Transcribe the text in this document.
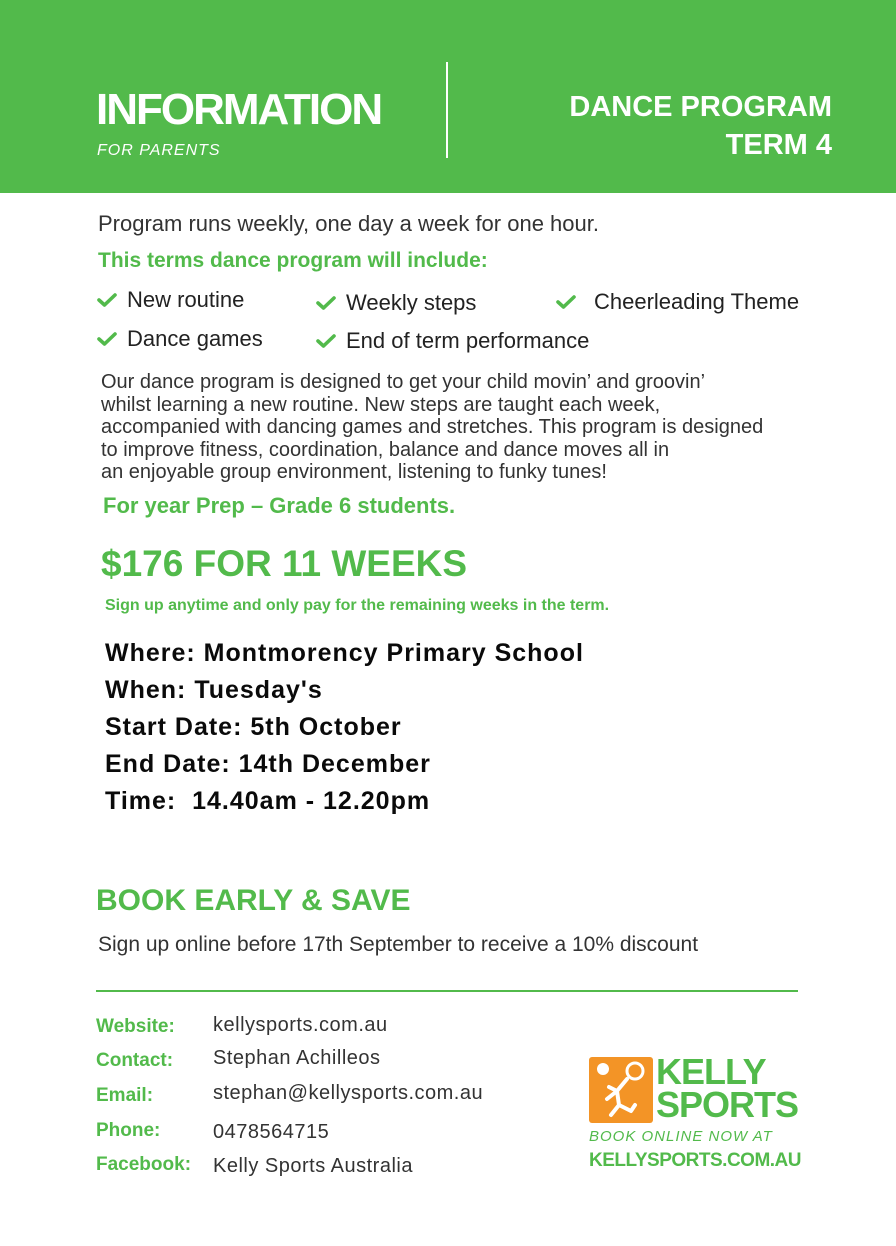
INFORMATION
FOR PARENTS
DANCE PROGRAM
TERM 4
Program runs weekly, one day a week for one hour.
This terms dance program will include:
New routine	Weekly steps	Cheerleading Theme
Dance games	End of term performance
Our dance program is designed to get your child movin’ and groovin’
whilst learning a new routine. New steps are taught each week,
accompanied with dancing games and stretches. This program is designed
to improve fitness, coordination, balance and dance moves all in
an enjoyable group environment, listening to funky tunes!
For year Prep – Grade 6 students.
$176 FOR 11 WEEKS
Sign up anytime and only pay for the remaining weeks in the term.
Where: Montmorency Primary School
When: Tuesday's
Start Date: 5th October
End Date: 14th December
Time:  14.40am - 12.20pm
BOOK EARLY & SAVE
Sign up online before 17th September to receive a 10% discount
Website: kellysports.com.au
Contact: Stephan Achilleos
Email:	stephan@kellysports.com.au
Phone:	0478564715
Facebook: Kelly Sports Australia
KELLY
SPORTS
BOOK ONLINE NOW AT
KELLYSPORTS.COM.AU
